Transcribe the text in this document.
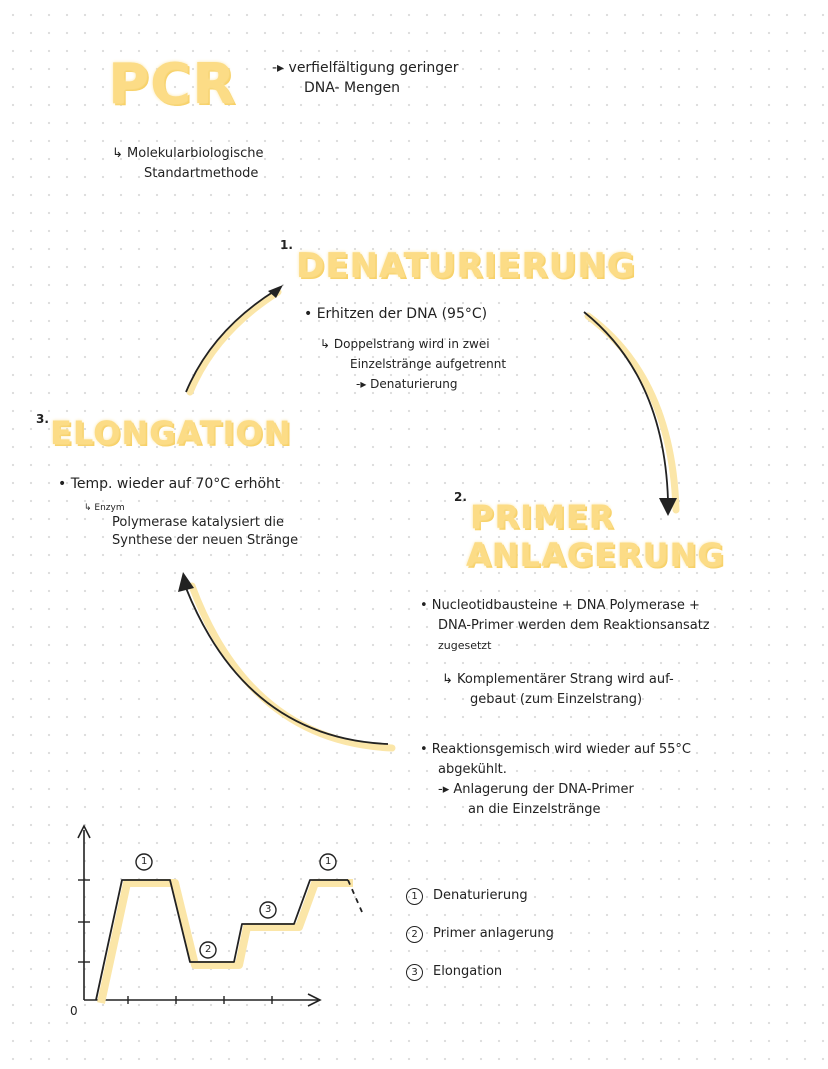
PCR	-▸ verfielfältigung geringer
DNA- Mengen
↳ Molekularbiologische
Standartmethode
1.
DENATURIERUNG
• Erhitzen der DNA (95°C)
↳ Doppelstrang wird in zwei
Einzelstränge aufgetrennt
-▸ Denaturierung
3. ELONGATION
• Temp. wieder auf 70°C erhöht
↳ Enzym
Polymerase katalysiert die
Synthese der neuen Stränge
2.
PRIMER
ANLAGERUNG
• Nucleotidbausteine + DNA Polymerase +
DNA-Primer werden dem Reaktionsansatz
zugesetzt
↳ Komplementärer Strang wird auf-
gebaut (zum Einzelstrang)
• Reaktionsgemisch wird wieder auf 55°C
abgekühlt.
-▸ Anlagerung der DNA-Primer
an die Einzelstränge
1
2
3
1
0
1	Denaturierung
2	Primer anlagerung
3	Elongation
